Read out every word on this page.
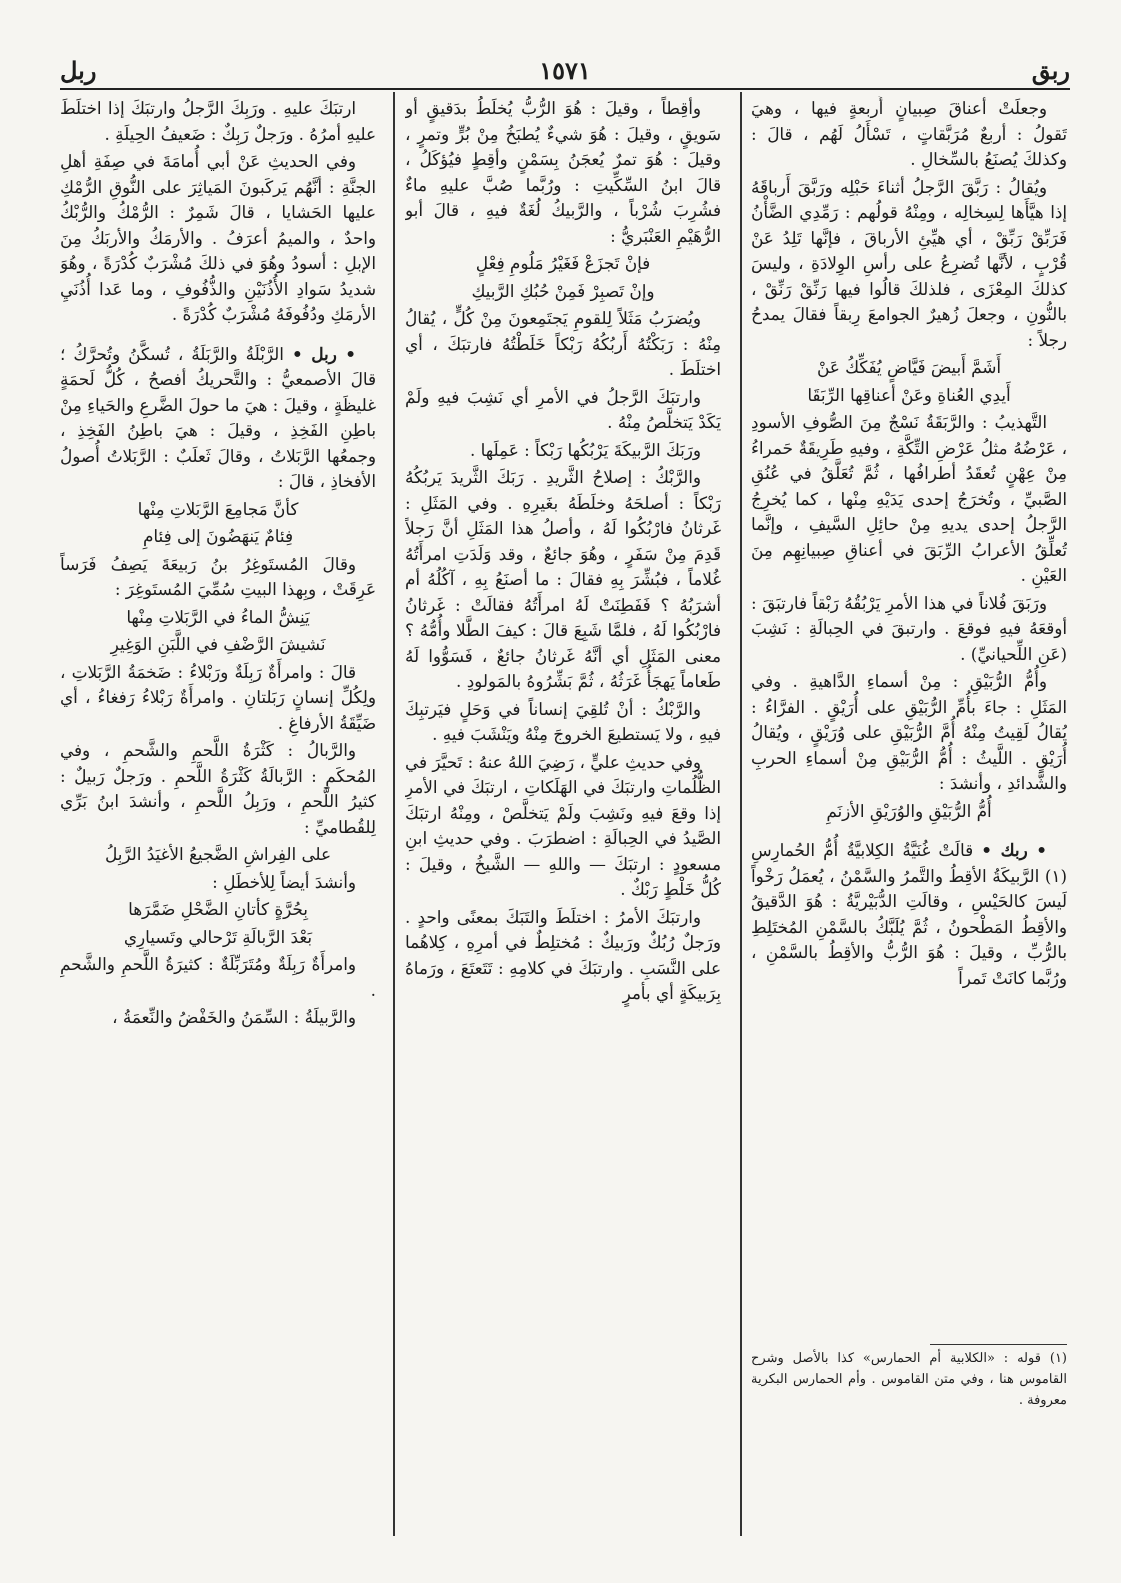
ربق
١٥٧١
ربل

وجعلَتْ أعناقَ صِبيانٍ أَربعةٍ فيها ، وهيَ تَقولُ : أربعٌ مُرَبَّقاتٍ ، تَسْأَلُ لَهُم ، قالَ : وكذلكَ يُصنَعُ بالسِّخالِ .

ويُقالُ : رَبَّقَ الرَّجلُ أثناءَ حَبْلِه ورَبَّقَ أَرباقَهُ إذا هيَّأَها لِسِخالِه ، ومِنْهُ قولُهم : رَمِّدِي الضَّأْنُ فَرَبِّقْ رَبِّقْ ، أي هيِّئِ الأرباقَ ، فإنَّها تَلِدُ عَنْ قُرْبٍ ، لأنَّها تُضرِعُ على رأسِ الوِلادَةِ ، وليسَ كذلكَ المِعْزَى ، فلذلكَ قالُوا فيها رَنِّقْ رَنِّقْ ، بالنُّونِ ، وجعلَ زُهيرٌ الجوامعَ رِبقاً فقالَ يمدحُ رجلاً :

أَشَمَّ أَبيضَ فَيَّاضٍ يُفَكِّكُ عَنْ

أَيدِي العُناةِ وعَنْ أعناقِها الرِّبَقَا

التَّهذيبُ : والرَّبَقَةُ نَسْجٌ مِنَ الصُّوفِ الأسودِ ، عَرْضُهُ مثلُ عَرْضِ التِّكَّةِ ، وفيهِ طَرِيقَةٌ حَمراءُ مِنْ عِهْنٍ تُعقَدُ أطرافُها ، ثُمَّ تُعَلَّقُ في عُنُقِ الصَّبيِّ ، وتُخرَجُ إحدى يَدَيْهِ مِنْها ، كما يُخرِجُ الرَّجلُ إحدى يديهِ مِنْ حائِلِ السَّيفِ ، وإنَّما تُعلِّقُ الأعرابُ الرِّبَقَ في أعناقِ صِبيانِهِم مِنَ العَيْنِ .

ورَبَقَ فُلاناً في هذا الأمرِ يَرْبُقُهُ رَبْقاً فارتبَقَ : أوقعَهُ فيهِ فوقعَ . وارتبقَ في الحِبالَةِ : نَشِبَ (عَنِ اللِّحيانيِّ) .

وأُمُّ الرُّبَيْقِ : مِنْ أسماءِ الدَّاهيةِ . وفي المَثَلِ : جاءَ بأُمِّ الرُّبَيْقِ على أُرَيْقٍ . الفرَّاءُ : يُقالُ لَقِيتُ مِنْهُ أُمَّ الرُّبَيْقِ على وُرَيْقٍ ، ويُقالُ أُرَيْقٍ . اللَّيثُ : أُمُّ الرُّبَيْقِ مِنْ أسماءِ الحربِ والشَّدائدِ ، وأنشدَ :

أُمُّ الرُّبَيْقِ والوُرَيْقِ الأزنَمِ

• ربك • قالَتْ غُنَيَّةُ الكِلابيَّةُ أُمُّ الحُمارِسِ (١) الرَّبيكَةُ الأقِطُ والتَّمرُ والسَّمْنُ ، يُعمَلُ رَخْواً لَيسَ كالحَيْسِ ، وقالَتِ الدُّبَيْريَّةُ : هُوَ الدَّقيقُ والأقِطُ المَطْحونُ ، ثُمَّ يُلَبَّكُ بالسَّمْنِ المُختَلِطِ بالرُّبِّ ، وقيلَ : هُوَ الرُّبُّ والأقِطُ بالسَّمْنِ ، ورُبَّما كانَتْ تَمراً

وأقِطاً ، وقيلَ : هُوَ الرُّبُّ يُخلَطُ بدَقيقٍ أو سَويقٍ ، وقيلَ : هُوَ شيءٌ يُطبَخُ مِنْ بُرٍّ وتمرٍ ، وقيلَ : هُوَ تمرٌ يُعجَنُ بِسَمْنٍ وأقِطٍ فيُؤكَلُ ، قالَ ابنُ السِّكِّيتِ : ورُبَّما صُبَّ عليهِ ماءٌ فشُرِبَ شُرْباً ، والرَّبيكُ لُغَةٌ فيهِ ، قالَ أبو الرُّهَيْمِ العَنْبَريُّ :

فإنْ تَجزَعْ فَغَيْرُ مَلُومِ فِعْلٍ

وإنْ تَصبِرْ فَمِنْ حُبُكِ الرَّبيكِ

ويُضرَبُ مَثَلاً لِلقومِ يَجتَمِعونَ مِنْ كُلٍّ ، يُقالُ مِنْهُ : رَبَكْتُهُ أَربُكُهُ رَبْكاً خَلَطْتُهُ فارتبَكَ ، أي اختلَطَ .

وارتبَكَ الرَّجلُ في الأمرِ أي نَشِبَ فيهِ ولَمْ يَكَدْ يَتخلَّصُ مِنْهُ .

ورَبَكَ الرَّبيكَةَ يَرْبُكُها رَبْكاً : عَمِلَها .

والرَّبْكُ : إصلاحُ الثَّريدِ . رَبَكَ الثَّريدَ يَربُكُهُ رَبْكاً : أصلحَهُ وخلَطَهُ بغَيرِهِ . وفي المَثَلِ : غَرثانُ فارْبُكُوا لَهُ ، وأصلُ هذا المَثَلِ أنَّ رَجلاً قَدِمَ مِنْ سَفَرٍ ، وهُوَ جائعٌ ، وقد وَلَدَتِ امرأَتُهُ غُلاماً ، فبُشِّرَ بِهِ فقالَ : ما أصنَعُ بِهِ ، آكُلُهُ أم أشرَبُهُ ؟ فَفَطِنَتْ لَهُ امرأَتُهُ فقالَتْ : غَرثانُ فارْبُكُوا لَهُ ، فلمَّا شَبِعَ قالَ : كيفَ الطَّلا وأُمُّهُ ؟ معنى المَثَلِ أي أنَّهُ غَرثانُ جائعٌ ، فَسَوُّوا لَهُ طَعاماً يَهجَأُ غَرَثُهُ ، ثُمَّ بَشِّرُوهُ بالمَولودِ .

والرَّبْكُ : أنْ تُلقِيَ إنساناً في وَحَلٍ فيَرتبِكَ فيهِ ، ولا يَستطيعَ الخروجَ مِنْهُ ويَنْشَبَ فيهِ .

وفي حديثِ عليٍّ ، رَضِيَ اللهُ عنهُ : تَحيَّرَ في الظُّلُماتِ وارتبَكَ في الهَلَكاتِ ، ارتبَكَ في الأمرِ إذا وقعَ فيهِ ونَشِبَ ولَمْ يَتخلَّصْ ، ومِنْهُ ارتبَكَ الصَّيدُ في الحِبالَةِ : اضطرَبَ . وفي حديثِ ابنِ مسعودٍ : ارتبَكَ — واللهِ — الشَّيخُ ، وقيلَ : كُلُّ خَلْطٍ رَبْكٌ .

وارتبَكَ الأمرُ : اختلَطَ والتَبَكَ بمعنًى واحدٍ . ورَجلٌ رُبُكٌ ورَبيكٌ : مُختلِطٌ في أمرِهِ ، كِلاهُما على النَّسَبِ . وارتبَكَ في كلامِهِ : تَتَعتَعَ ، ورَماهُ بِرَبيكَةٍ أي بأمرٍ

ارتبَكَ عليهِ . ورَبِكَ الرَّجلُ وارتبَكَ إذا اختلَطَ عليهِ أمرُهُ . ورَجلٌ رَبِكٌ : ضَعيفُ الحِيلَةِ .

وفي الحديثِ عَنْ أبي أُمامَةَ في صِفَةِ أهلِ الجنَّةِ : أنَّهُم يَركَبونَ المَياثِرَ على النُّوقِ الرُّمْكِ عليها الحَشايا ، قالَ شَمِرٌ : الرُّمْكُ والرُّبْكُ واحدٌ ، والميمُ أعرَفُ . والأرمَكُ والأربَكُ مِنَ الإبلِ : أسودُ وهُوَ في ذلكَ مُشْرَبٌ كُدْرَةً ، وهُوَ شديدُ سَوادِ الأُذُنَيْنِ والذُّفُوفِ ، وما عَدا أُذُنَيِ الأرمَكِ ودُفُوفَهُ مُشْرَبٌ كُدْرَةً .

• ربل • الرَّبْلَةُ والرَّبَلَةُ ، تُسكَّنُ وتُحرَّكُ ؛ قالَ الأصمعيُّ : والتَّحريكُ أفصحُ ، كُلُّ لَحمَةٍ غليظَةٍ ، وقيلَ : هيَ ما حولَ الضَّرعِ والحَياءِ مِنْ باطِنِ الفَخِذِ ، وقيلَ : هيَ باطِنُ الفَخِذِ ، وجمعُها الرَّبَلاتُ ، وقالَ ثَعلَبٌ : الرَّبَلاتُ أُصولُ الأفخاذِ ، قالَ :

كأنَّ مَجامِعَ الرَّبَلاتِ مِنْها

فِئامٌ يَنهَضُونَ إلى فِئامِ

وقالَ المُستَوغِرُ بنُ رَبيعَةَ يَصِفُ فَرَساً عَرِقَتْ ، وبِهذا البيتِ سُمِّيَ المُستَوغِرَ :

يَنِشُّ الماءُ في الرَّبَلاتِ مِنْها

نَشيشَ الرَّضْفِ في اللَّبَنِ الوَغِيرِ

قالَ : وامرأَةٌ رَبِلَةٌ ورَبْلاءُ : ضَخمَةُ الرَّبَلاتِ ، ولِكُلِّ إنسانٍ رَبَلتانِ . وامرأَةٌ رَبْلاءُ رَفغاءُ ، أي ضَيِّقَةُ الأرفاغِ .

والرَّبالُ : كَثْرَةُ اللَّحمِ والشَّحمِ ، وفي المُحكَمِ : الرَّبالَةُ كَثْرَةُ اللَّحمِ . ورَجلٌ رَبيلٌ : كثيرُ اللَّحمِ ، ورَبِلُ اللَّحمِ ، وأنشدَ ابنُ بَرِّي لِلقُطاميِّ :

على الفِراشِ الضَّجيعُ الأغيَدُ الرَّبِلُ

وأنشدَ أيضاً لِلأخطَلِ :

بِحُرَّةٍ كأتانِ الضَّحْلِ ضَمَّرَها

بَعْدَ الرَّبالَةِ تَرْحالي وتَسيارِي

وامرأَةٌ رَبِلَةٌ ومُتَرَبِّلَةٌ : كثيرَةُ اللَّحمِ والشَّحمِ .

والرَّبيلَةُ : السِّمَنُ والخَفْضُ والنِّعمَةُ ،

(١) قوله : «الكلابية أم الحمارس» كذا بالأصل وشرح القاموس هنا ، وفي متن القاموس . وأم الحمارس البكرية معروفة .
